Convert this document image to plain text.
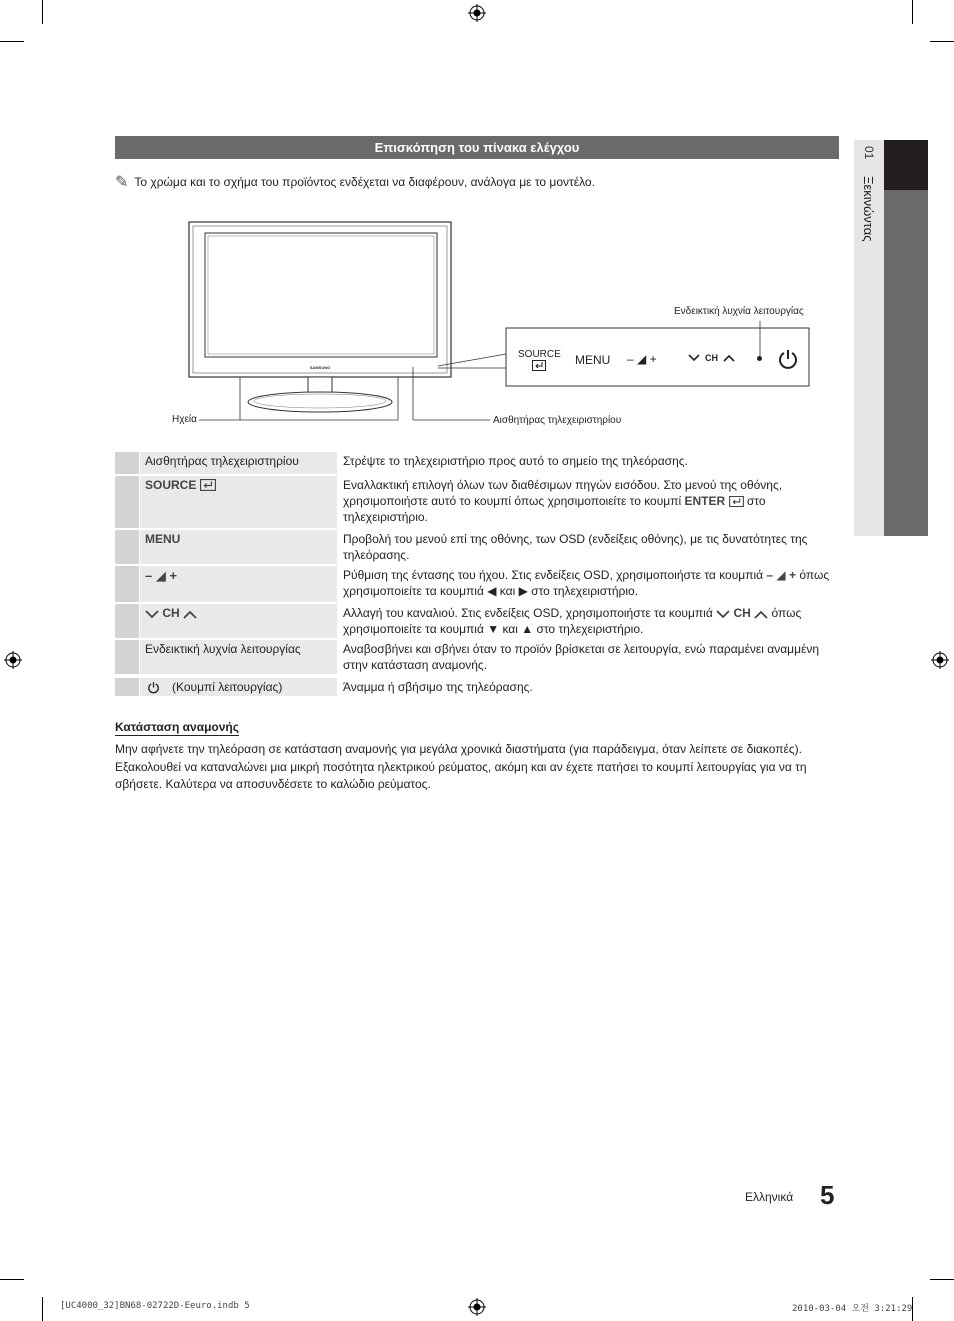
01
Ξεκινώντας
Επισκόπηση του πίνακα ελέγχου
✎ Το χρώμα και το σχήμα του προϊόντος ενδέχεται να διαφέρουν, ανάλογα με το μοντέλο.
SAMSUNG
Ηχεία	Αισθητήρας τηλεχειριστηρίου
Ενδεικτική λυχνία λειτουργίας
SOURCE MENU – ◢ +	CH
Αισθητήρας τηλεχειριστηρίου	Στρέψτε το τηλεχειριστήριο προς αυτό το σημείο της τηλεόρασης.
SOURCE	Εναλλακτική επιλογή όλων των διαθέσιμων πηγών εισόδου. Στο μενού της οθόνης, χρησιμοποιήστε αυτό το κουμπί όπως χρησιμοποιείτε το κουμπί ENTER στο τηλεχειριστήριο.
MENU	Προβολή του μενού επί της οθόνης, των OSD (ενδείξεις οθόνης), με τις δυνατότητες της τηλεόρασης.
– ◢ +	Ρύθμιση της έντασης του ήχου. Στις ενδείξεις OSD, χρησιμοποιήστε τα κουμπιά – ◢ + όπως χρησιμοποιείτε τα κουμπιά ◀ και ▶ στο τηλεχειριστήριο.
CH	Αλλαγή του καναλιού. Στις ενδείξεις OSD, χρησιμοποιήστε τα κουμπιά CH όπως χρησιμοποιείτε τα κουμπιά ▼ και ▲ στο τηλεχειριστήριο.
Ενδεικτική λυχνία λειτουργίας	Αναβοσβήνει και σβήνει όταν το προϊόν βρίσκεται σε λειτουργία, ενώ παραμένει αναμμένη στην κατάσταση αναμονής.
(Κουμπί λειτουργίας)	Άναμμα ή σβήσιμο της τηλεόρασης.
Κατάσταση αναμονής
Μην αφήνετε την τηλεόραση σε κατάσταση αναμονής για μεγάλα χρονικά διαστήματα (για παράδειγμα, όταν λείπετε σε διακοπές). Εξακολουθεί να καταναλώνει μια μικρή ποσότητα ηλεκτρικού ρεύματος, ακόμη και αν έχετε πατήσει το κουμπί λειτουργίας για να τη σβήσετε. Καλύτερα να αποσυνδέσετε το καλώδιο ρεύματος.
Ελληνικά 5
[UC4000_32]BN68-02722D-Eeuro.indb 5	2010-03-04 오전 3:21:29
